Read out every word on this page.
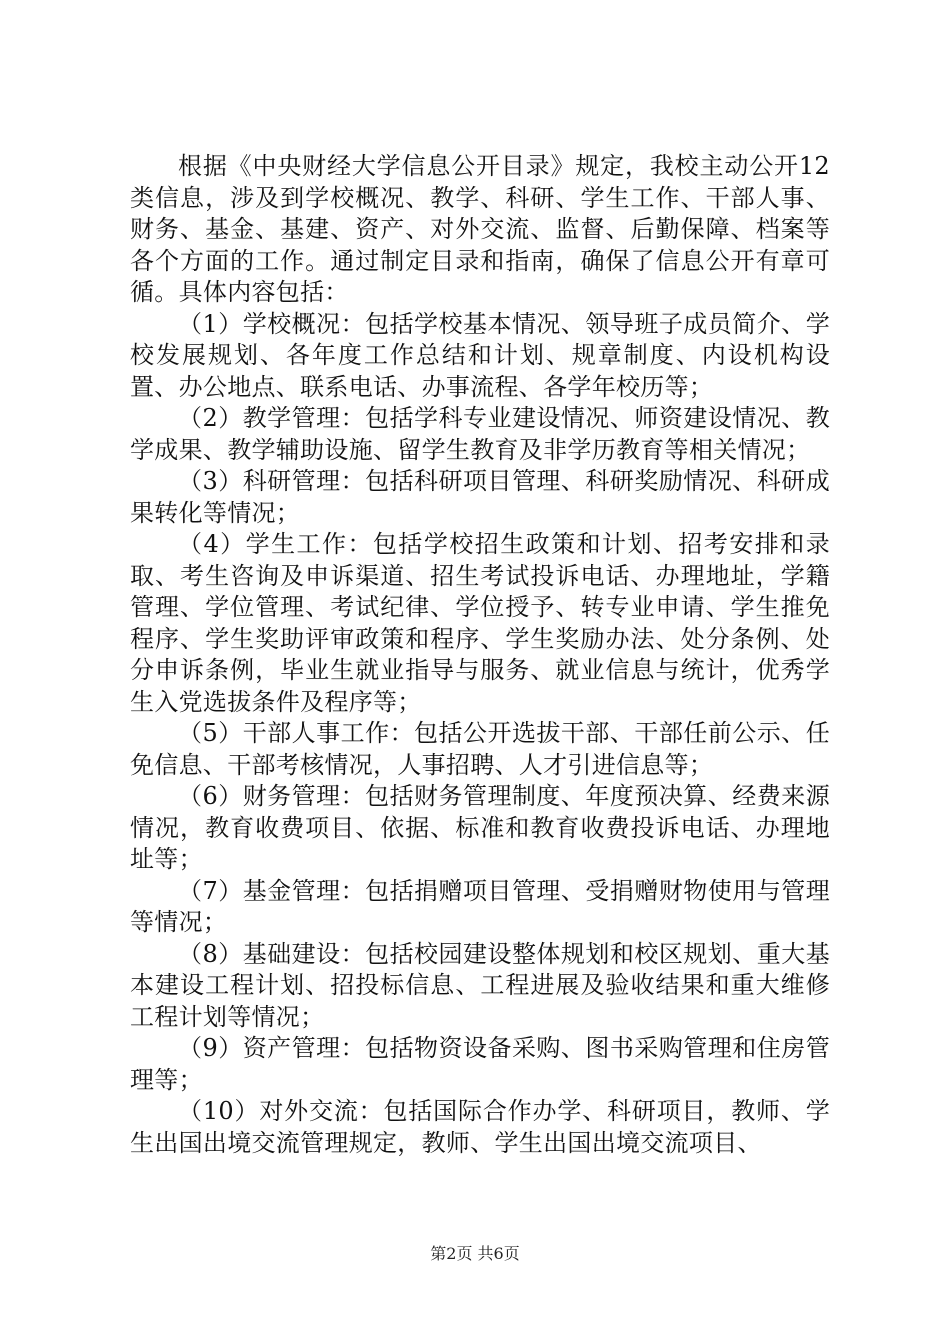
根据《中央财经大学信息公开目录》规定，我校主动公开12类信息，涉及到学校概况、教学、科研、学生工作、干部人事、财务、基金、基建、资产、对外交流、监督、后勤保障、档案等各个方面的工作。通过制定目录和指南，确保了信息公开有章可循。具体内容包括：

（1）学校概况：包括学校基本情况、领导班子成员简介、学校发展规划、各年度工作总结和计划、规章制度、内设机构设置、办公地点、联系电话、办事流程、各学年校历等；

（2）教学管理：包括学科专业建设情况、师资建设情况、教学成果、教学辅助设施、留学生教育及非学历教育等相关情况；

（3）科研管理：包括科研项目管理、科研奖励情况、科研成果转化等情况；

（4）学生工作：包括学校招生政策和计划、招考安排和录取、考生咨询及申诉渠道、招生考试投诉电话、办理地址，学籍管理、学位管理、考试纪律、学位授予、转专业申请、学生推免程序、学生奖助评审政策和程序、学生奖励办法、处分条例、处分申诉条例，毕业生就业指导与服务、就业信息与统计，优秀学生入党选拔条件及程序等；

（5）干部人事工作：包括公开选拔干部、干部任前公示、任免信息、干部考核情况，人事招聘、人才引进信息等；

（6）财务管理：包括财务管理制度、年度预决算、经费来源情况，教育收费项目、依据、标准和教育收费投诉电话、办理地址等；

（7）基金管理：包括捐赠项目管理、受捐赠财物使用与管理等情况；

（8）基础建设：包括校园建设整体规划和校区规划、重大基本建设工程计划、招投标信息、工程进展及验收结果和重大维修工程计划等情况；

（9）资产管理：包括物资设备采购、图书采购管理和住房管理等；

（10）对外交流：包括国际合作办学、科研项目，教师、学生出国出境交流管理规定，教师、学生出国出境交流项目、

第2页 共6页
